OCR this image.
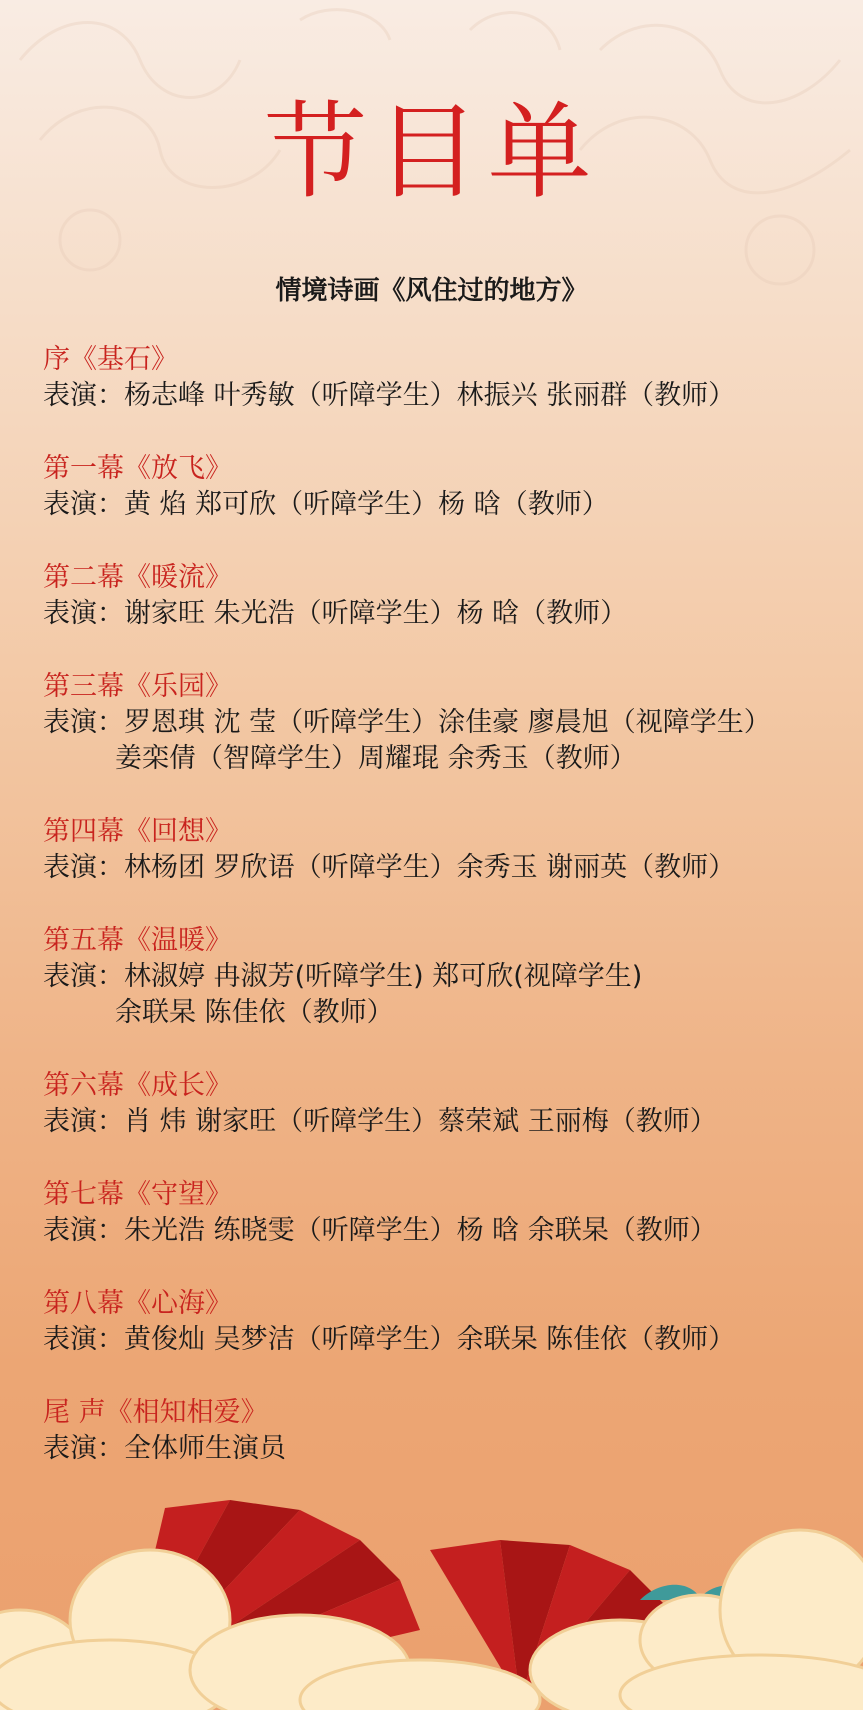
节目单
情境诗画《风住过的地方》
序《基石》
表演：杨志峰 叶秀敏（听障学生）林振兴 张丽群（教师）
第一幕《放飞》
表演：黄 焰 郑可欣（听障学生）杨 晗（教师）
第二幕《暖流》
表演：谢家旺 朱光浩（听障学生）杨 晗（教师）
第三幕《乐园》
表演：罗恩琪 沈 莹（听障学生）涂佳豪 廖晨旭（视障学生）
姜栾倩（智障学生）周耀琨 余秀玉（教师）
第四幕《回想》
表演：林杨团 罗欣语（听障学生）余秀玉 谢丽英（教师）
第五幕《温暖》
表演：林淑婷 冉淑芳(听障学生) 郑可欣(视障学生)
余联杲 陈佳依（教师）
第六幕《成长》
表演：肖 炜 谢家旺（听障学生）蔡荣斌 王丽梅（教师）
第七幕《守望》
表演：朱光浩 练晓雯（听障学生）杨 晗 余联杲（教师）
第八幕《心海》
表演：黄俊灿 吴梦洁（听障学生）余联杲 陈佳依（教师）
尾 声《相知相爱》
表演：全体师生演员
